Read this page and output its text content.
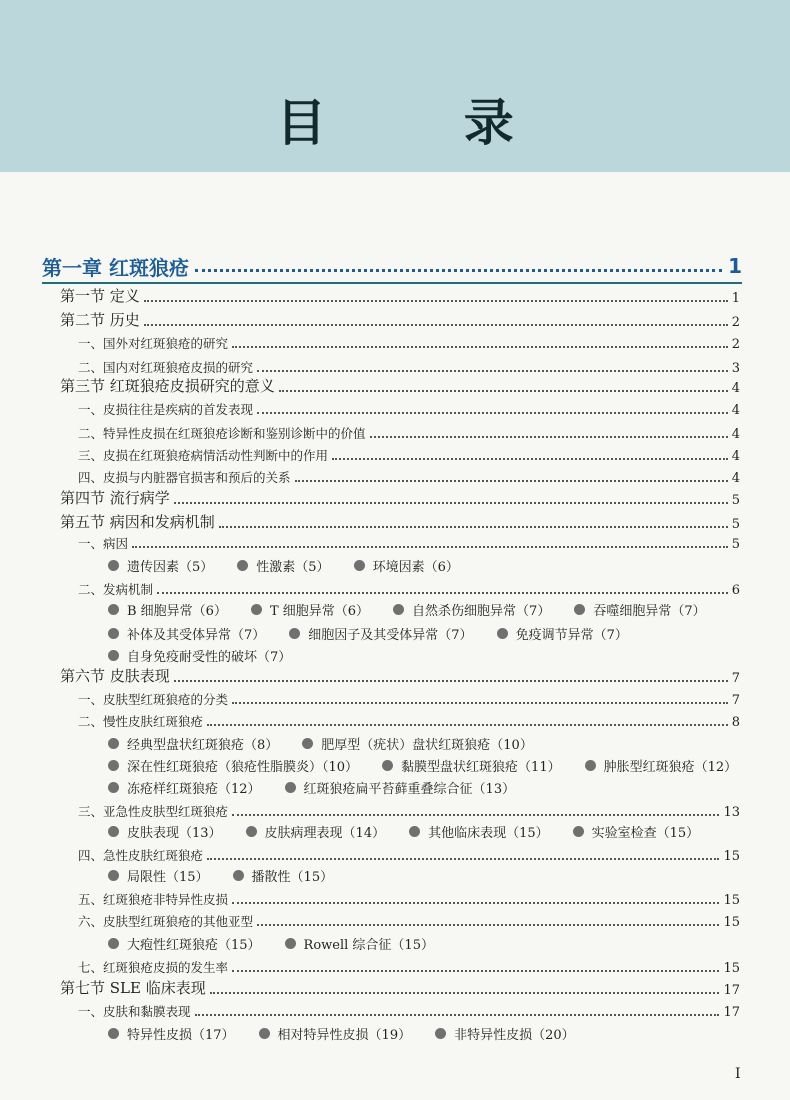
目 录
第一章 红斑狼疮	1
第一节 定义	1
第二节 历史	2
一、国外对红斑狼疮的研究	2
二、国内对红斑狼疮皮损的研究	3
第三节 红斑狼疮皮损研究的意义	4
一、皮损往往是疾病的首发表现	4
二、特异性皮损在红斑狼疮诊断和鉴别诊断中的价值	4
三、皮损在红斑狼疮病情活动性判断中的作用	4
四、皮损与内脏器官损害和预后的关系	4
第四节 流行病学	5
第五节 病因和发病机制	5
一、病因	5
遗传因素（5）	性激素（5）	环境因素（6）
二、发病机制	6
B 细胞异常（6）	T 细胞异常（6）	自然杀伤细胞异常（7）	吞噬细胞异常（7）
补体及其受体异常（7）	细胞因子及其受体异常（7）	免疫调节异常（7）
自身免疫耐受性的破坏（7）
第六节 皮肤表现	7
一、皮肤型红斑狼疮的分类	7
二、慢性皮肤红斑狼疮	8
经典型盘状红斑狼疮（8）	肥厚型（疣状）盘状红斑狼疮（10）
深在性红斑狼疮（狼疮性脂膜炎）（10）	黏膜型盘状红斑狼疮（11）	肿胀型红斑狼疮（12）
冻疮样红斑狼疮（12）	红斑狼疮扁平苔藓重叠综合征（13）
三、亚急性皮肤型红斑狼疮	13
皮肤表现（13）	皮肤病理表现（14）	其他临床表现（15）	实验室检查（15）
四、急性皮肤红斑狼疮	15
局限性（15）	播散性（15）
五、红斑狼疮非特异性皮损	15
六、皮肤型红斑狼疮的其他亚型	15
大疱性红斑狼疮（15）	Rowell 综合征（15）
七、红斑狼疮皮损的发生率	15
第七节 SLE 临床表现	17
一、皮肤和黏膜表现	17
特异性皮损（17）	相对特异性皮损（19）	非特异性皮损（20）
I
